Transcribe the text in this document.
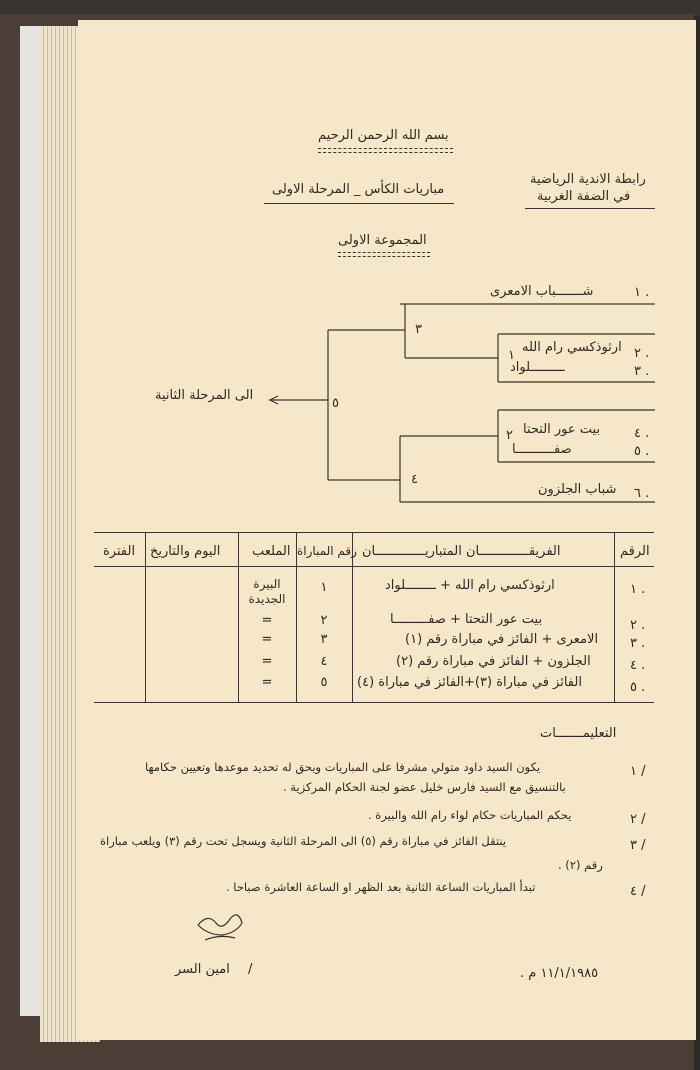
بسم الله الرحمن الرحيم
رابطة الاندية الرياضية
في الضفة الغربية
مباريات الكأس _ المرحلة الاولى
المجموعة الاولى
١ .
شـــــــباب الامعرى
٢ .
ارثوذكسي رام الله
٣ .
ـــــــــلواد
٤ .
بيت عور التحتا
٥ .
صفــــــــــا
٦ .
شباب الجلزون
١
٢
٣
٤
٥
الى المرحلة الثانية
الرقم
الفريقـــــــــــــان المتباريـــــــــــــان
رقم المباراة
الملعب
اليوم والتاريخ
الفترة
١ .
ارثوذكسي رام الله + ــــــــلواد
١
البيرة الجديدة
٢ .
بيت عور التحتا + صفـــــــــا
٢
=
٣ .
الامعرى + الفائز في مباراة رقم (١)
٣
=
٤ .
الجلزون + الفائز في مباراة رقم (٢)
٤
=
٥ .
الفائز في مباراة (٣)+الفائز في مباراة (٤)
٥
=
التعليمـــــــات
١ /
يكون السيد داود متولي مشرفا على المباريات ويحق له تحديد موعدها وتعيين حكامها
بالتنسيق مع السيد فارس خليل عضو لجنة الحكام المركزية .
٢ /
يحكم المباريات حكام لواء رام الله والبيرة .
٣ /
ينتقل الفائز في مباراة رقم (٥) الى المرحلة الثانية ويسجل تحت رقم (٣) ويلعب مباراة
رقم (٢) .
٤ /
تبدأ المباريات الساعة الثانية بعد الظهر او الساعة العاشرة صباحا .
امين السر /	١١/١/١٩٨٥ م .
